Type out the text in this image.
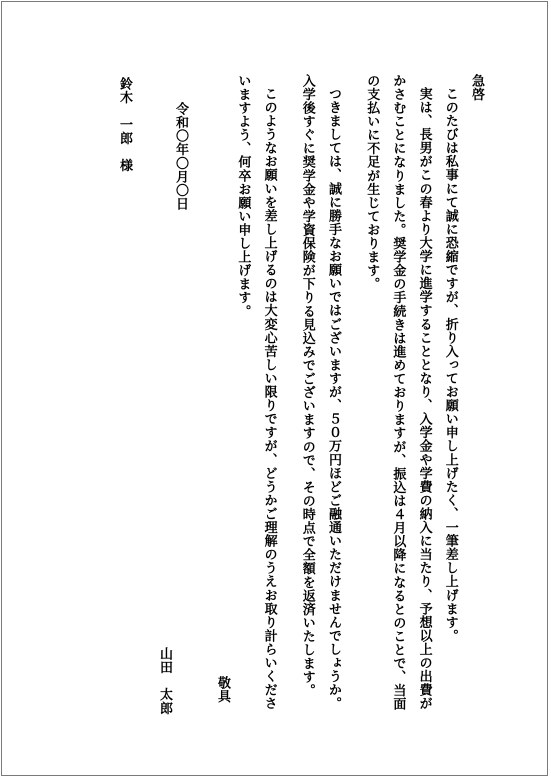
急啓

このたびは私事にて誠に恐縮ですが、折り入ってお願い申し上げたく、一筆差し上げます。

実は、長男がこの春より大学に進学することとなり、入学金や学費の納入に当たり、予想以上の出費がかさむことになりました。奨学金の手続きは進めておりますが、振込は４月以降になるとのことで、当面の支払いに不足が生じております。

つきましては、誠に勝手なお願いではございますが、５０万円ほどご融通いただけませんでしょうか。入学後すぐに奨学金や学資保険が下りる見込みでございますので、その時点で全額を返済いたします。

このようなお願いを差し上げるのは大変心苦しい限りですが、どうかご理解のうえお取り計らいくださいますよう、何卒お願い申し上げます。

敬具
山田　太郎
令和〇年〇月〇日
鈴木　一郎　様
